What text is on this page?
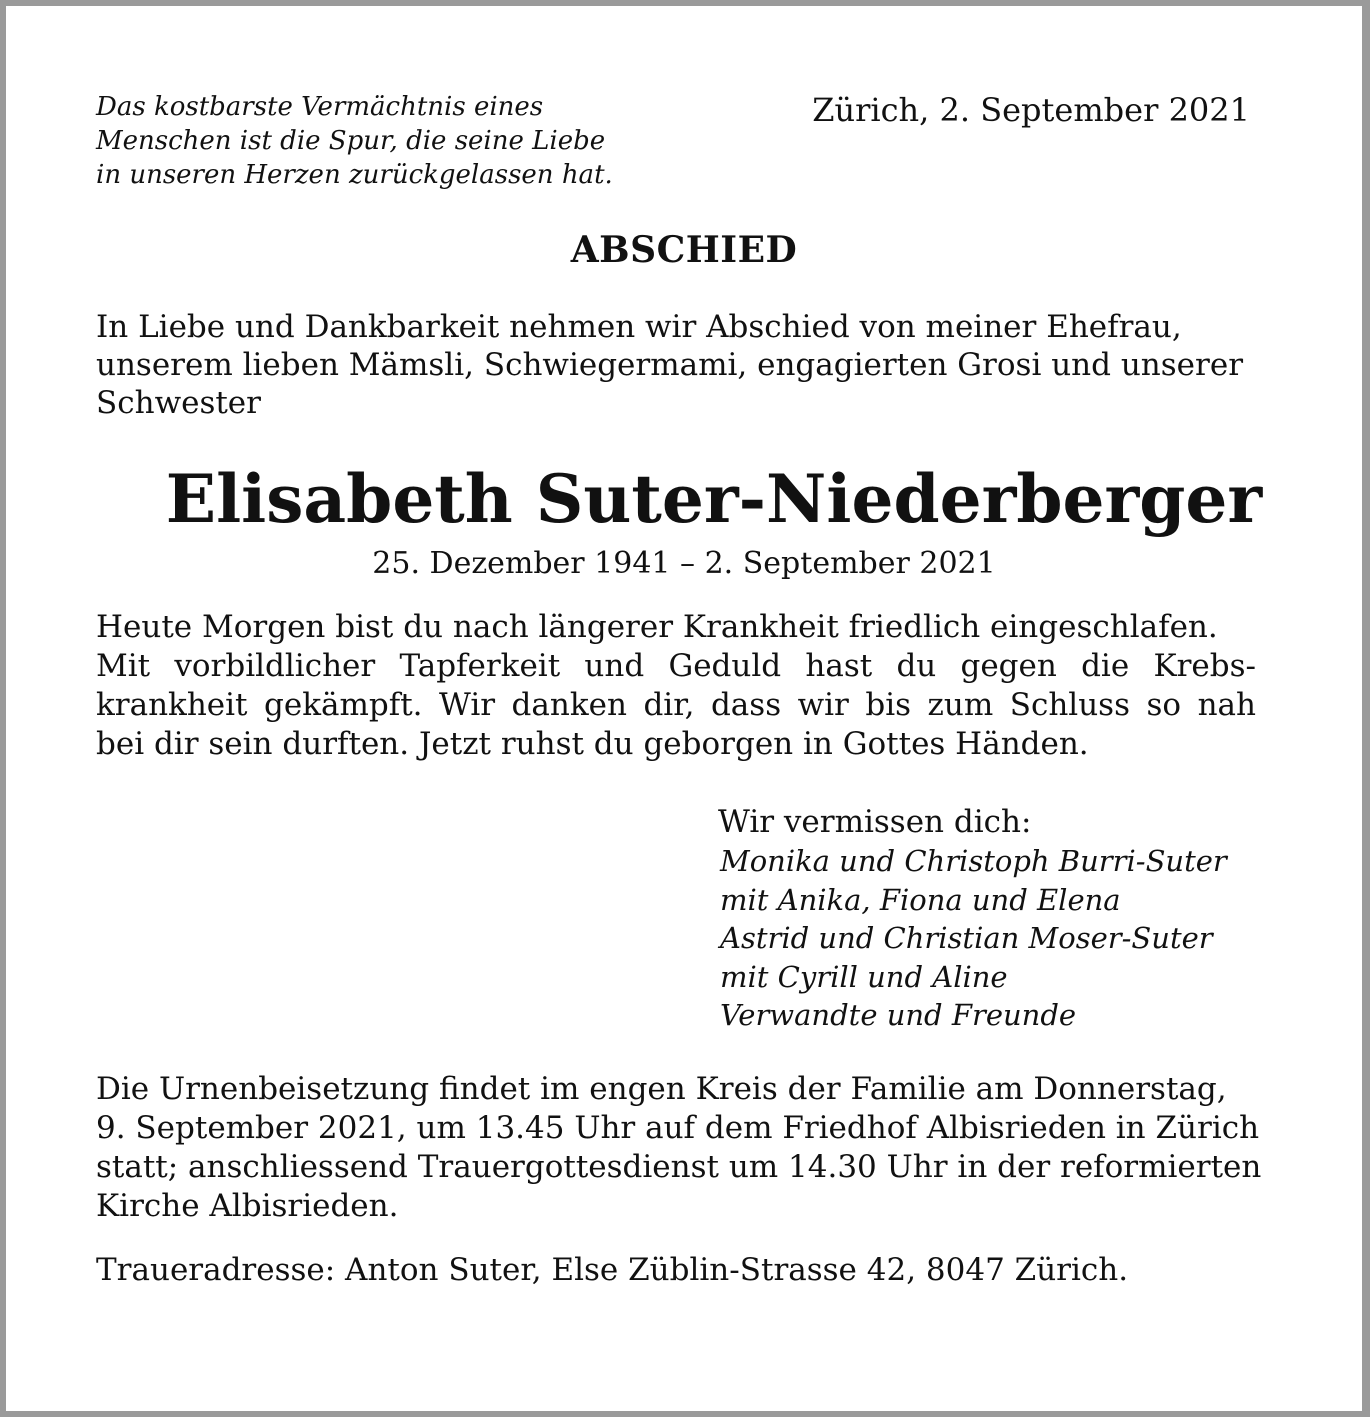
Das kostbarste Vermächtnis eines
Menschen ist die Spur, die seine Liebe
in unseren Herzen zurückgelassen hat.

Zürich, 2. September 2021

ABSCHIED

In Liebe und Dankbarkeit nehmen wir Abschied von meiner Ehefrau,
unserem lieben Mämsli, Schwiegermami, engagierten Grosi und unserer
Schwester

Elisabeth Suter-Niederberger

25. Dezember 1941 – 2. September 2021

Heute Morgen bist du nach längerer Krankheit friedlich eingeschlafen.
Mit vorbildlicher Tapferkeit und Geduld hast du gegen die Krebs-
krankheit gekämpft. Wir danken dir, dass wir bis zum Schluss so nah
bei dir sein durften. Jetzt ruhst du geborgen in Gottes Händen.

Wir vermissen dich:

Monika und Christoph Burri-Suter
mit Anika, Fiona und Elena
Astrid und Christian Moser-Suter
mit Cyrill und Aline
Verwandte und Freunde

Die Urnenbeisetzung findet im engen Kreis der Familie am Donnerstag,
9. September 2021, um 13.45 Uhr auf dem Friedhof Albisrieden in Zürich
statt; anschliessend Trauergottesdienst um 14.30 Uhr in der reformierten
Kirche Albisrieden.

Traueradresse: Anton Suter, Else Züblin-Strasse 42, 8047 Zürich.
